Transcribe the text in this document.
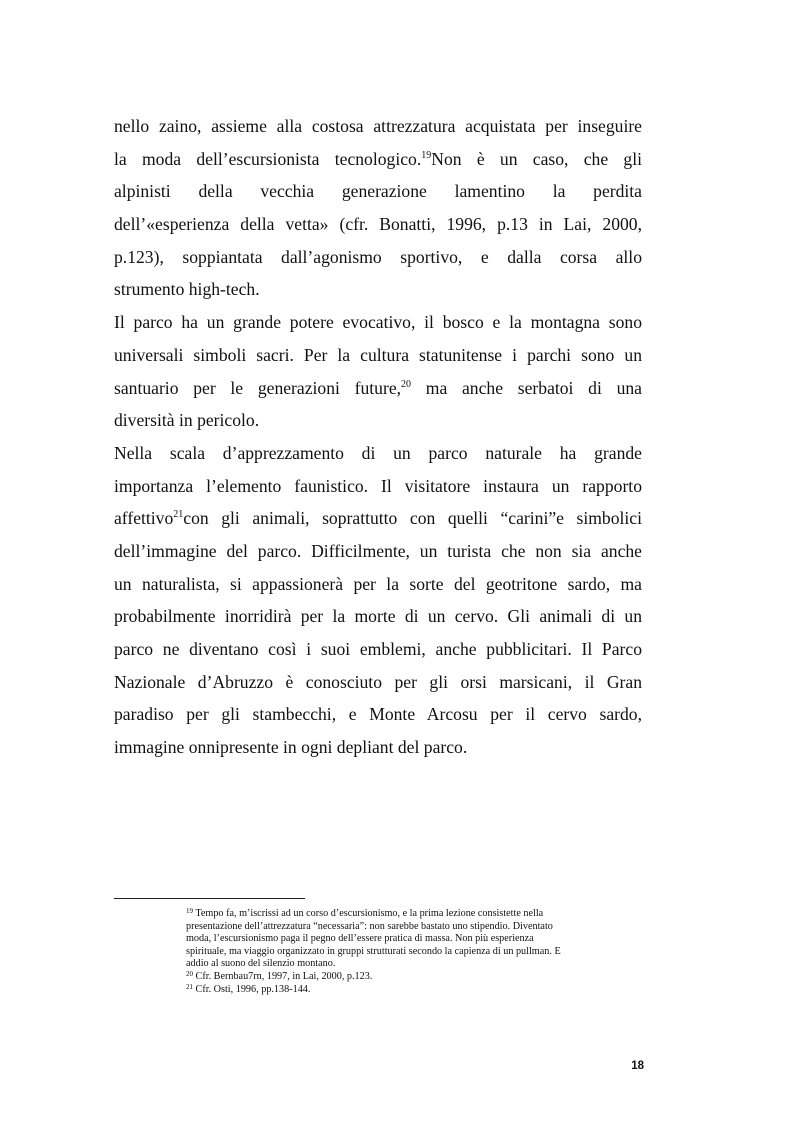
nello zaino, assieme alla costosa attrezzatura acquistata per inseguire
la moda dell’escursionista tecnologico.$^{19}$Non è un caso, che gli
alpinisti della vecchia generazione lamentino la perdita
dell’«esperienza della vetta» (cfr. Bonatti, 1996, p.13 in Lai, 2000,
p.123), soppiantata dall’agonismo sportivo, e dalla corsa allo
strumento high-tech.
Il parco ha un grande potere evocativo, il bosco e la montagna sono
universali simboli sacri. Per la cultura statunitense i parchi sono un
santuario per le generazioni future,$^{20}$ ma anche serbatoi di una
diversità in pericolo.
Nella scala d’apprezzamento di un parco naturale ha grande
importanza l’elemento faunistico. Il visitatore instaura un rapporto
affettivo$^{21}$con gli animali, soprattutto con quelli “carini”e simbolici
dell’immagine del parco. Difficilmente, un turista che non sia anche
un naturalista, si appassionerà per la sorte del geotritone sardo, ma
probabilmente inorridirà per la morte di un cervo. Gli animali di un
parco ne diventano così i suoi emblemi, anche pubblicitari. Il Parco
Nazionale d’Abruzzo è conosciuto per gli orsi marsicani, il Gran
paradiso per gli stambecchi, e Monte Arcosu per il cervo sardo,
immagine onnipresente in ogni depliant del parco.
$^{19}$ Tempo fa, m’iscrissi ad un corso d’escursionismo, e la prima lezione consistette nella
presentazione dell’attrezzatura “necessaria”: non sarebbe bastato uno stipendio. Diventato
moda, l’escursionismo paga il pegno dell’essere pratica di massa. Non più esperienza
spirituale, ma viaggio organizzato in gruppi strutturati secondo la capienza di un pullman. E
addio al suono del silenzio montano.
$^{20}$ Cfr. Bernbau7rn, 1997, in Lai, 2000, p.123.
$^{21}$ Cfr. Osti, 1996, pp.138-144.
18
